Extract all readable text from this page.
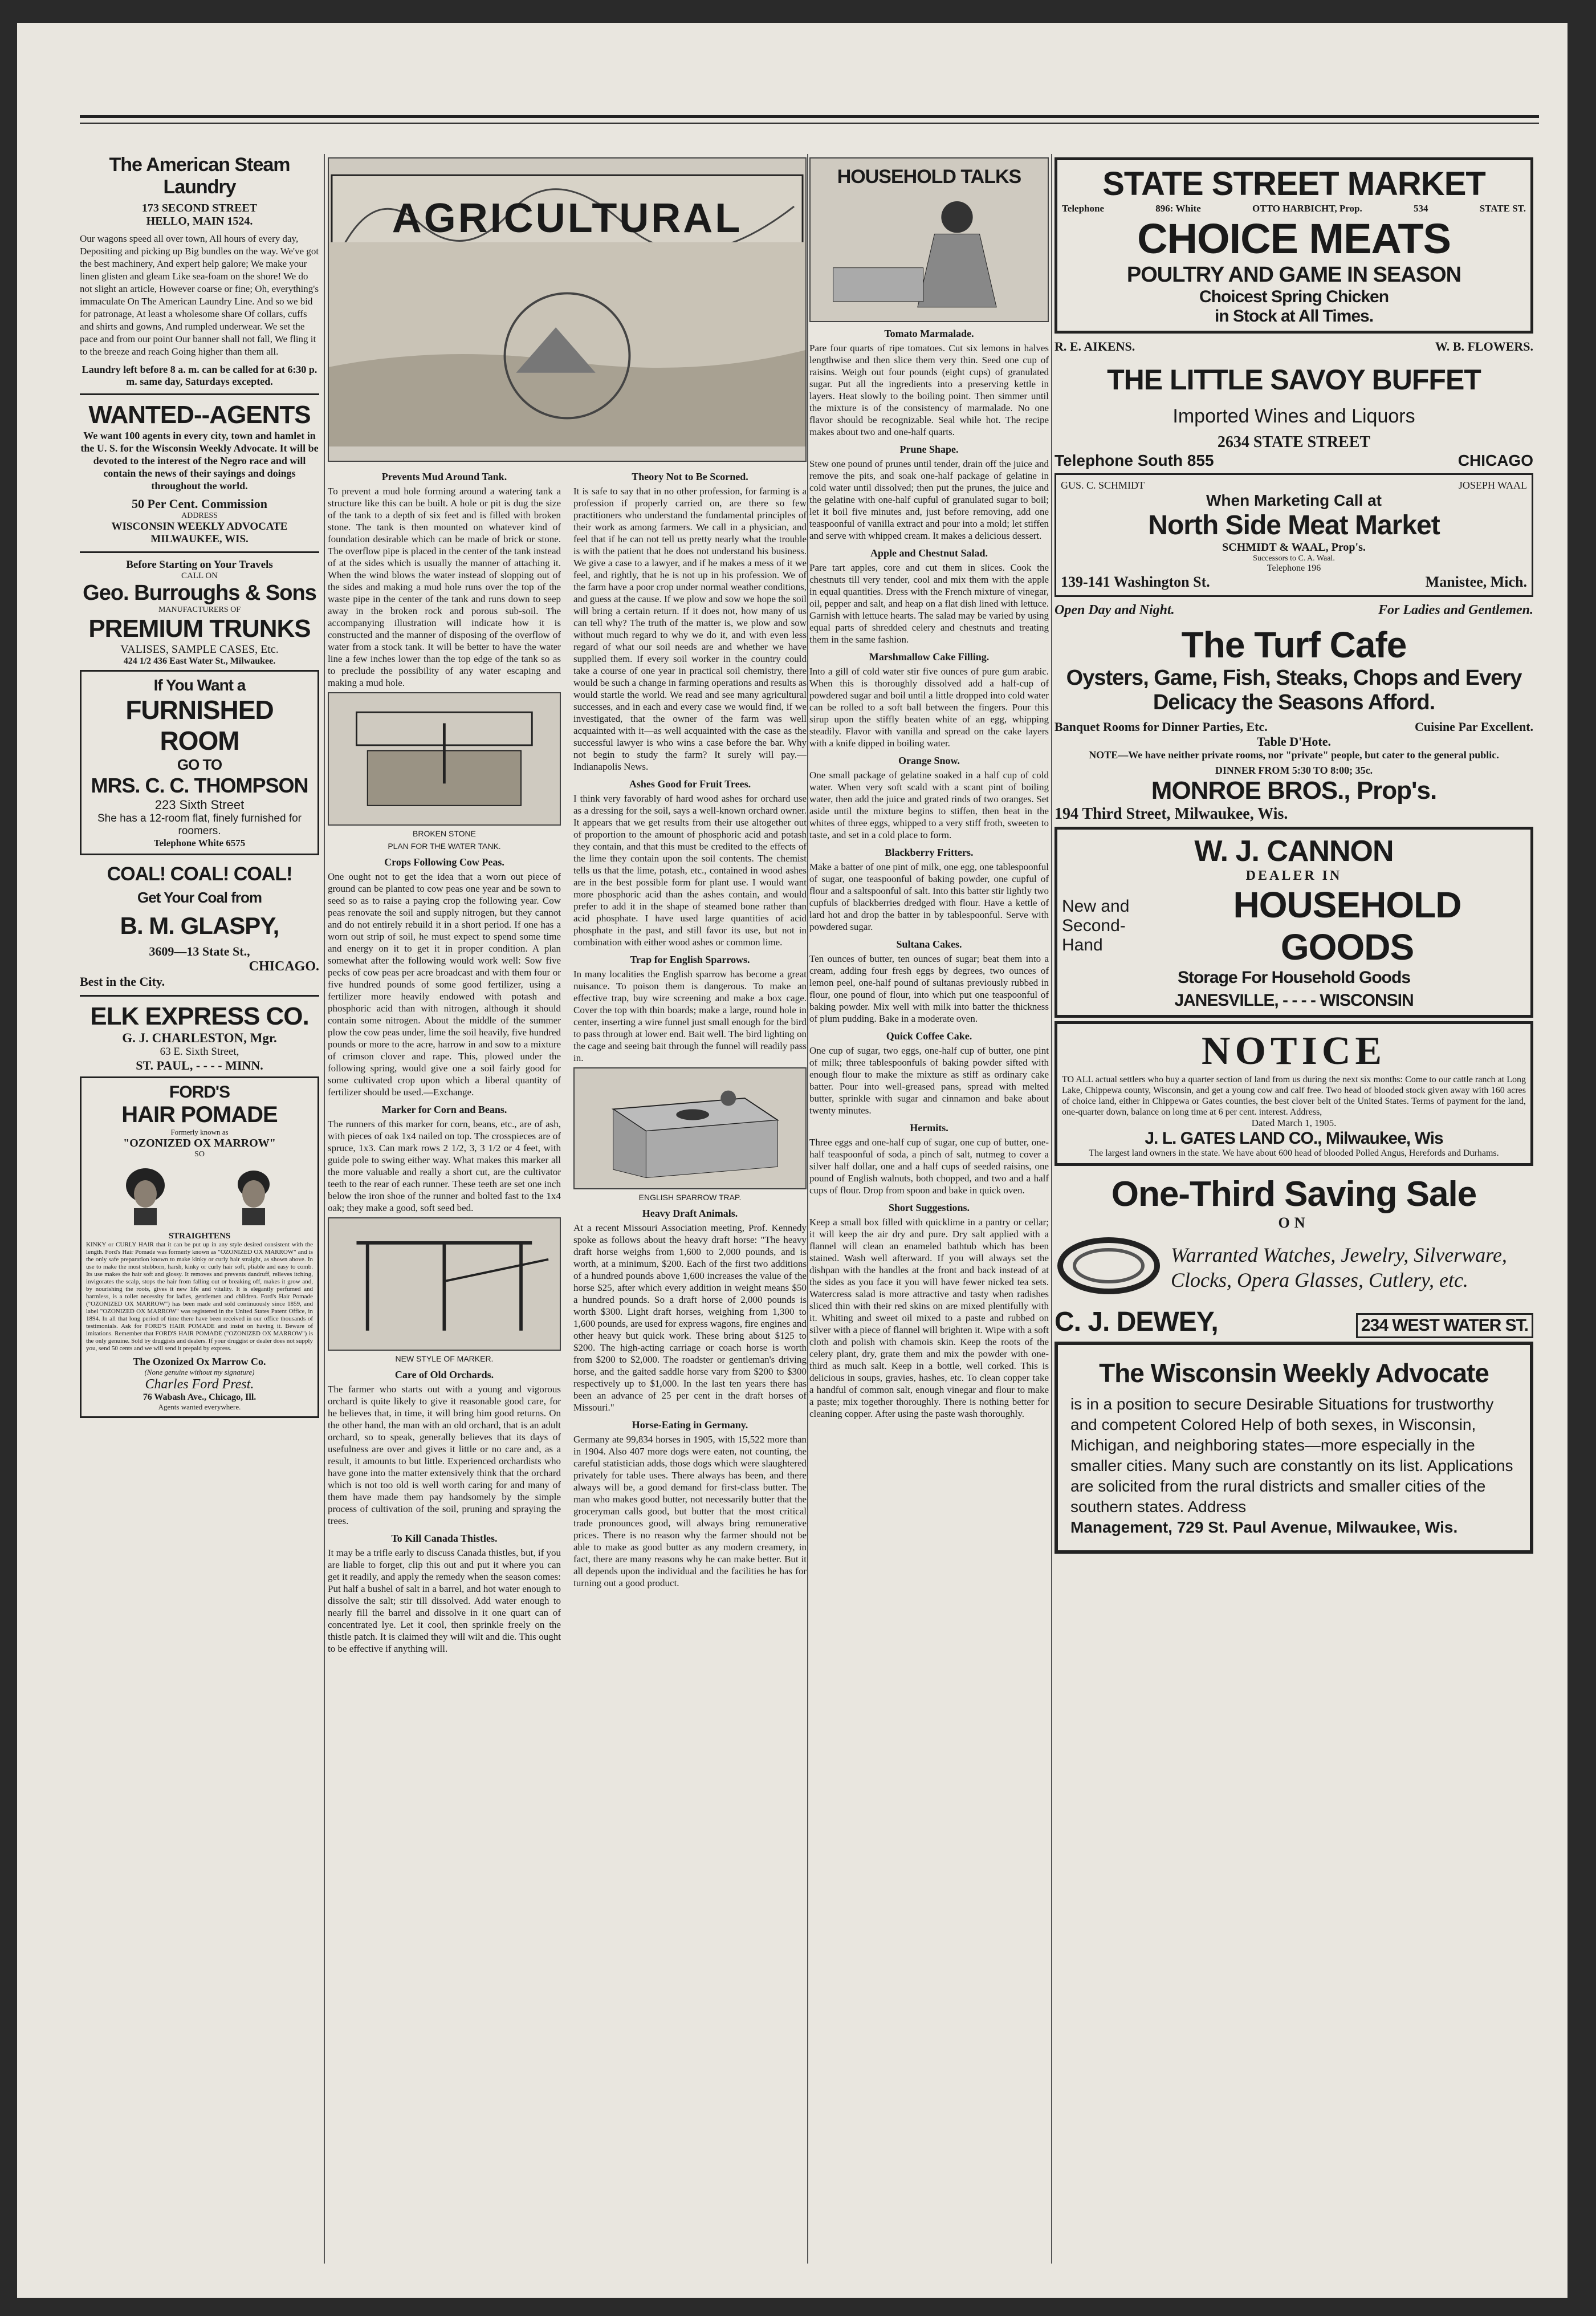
The American Steam Laundry
173 SECOND STREET
HELLO, MAIN 1524.
Our wagons speed all over town, All hours of every day, Depositing and picking up Big bundles on the way. We've got the best machinery, And expert help galore; We make your linen glisten and gleam Like sea-foam on the shore! We do not slight an article, However coarse or fine; Oh, everything's immaculate On The American Laundry Line. And so we bid for patronage, At least a wholesome share Of collars, cuffs and shirts and gowns, And rumpled underwear. We set the pace and from our point Our banner shall not fall, We fling it to the breeze and reach Going higher than them all.
Laundry left before 8 a. m. can be called for at 6:30 p. m. same day, Saturdays excepted.
WANTED--AGENTS
We want 100 agents in every city, town and hamlet in the U. S. for the Wisconsin Weekly Advocate. It will be devoted to the interest of the Negro race and will contain the news of their sayings and doings throughout the world.
50 Per Cent. Commission
ADDRESS
WISCONSIN WEEKLY ADVOCATE MILWAUKEE, WIS.
Before Starting on Your Travels
CALL ON
Geo. Burroughs & Sons
MANUFACTURERS OF
PREMIUM TRUNKS
VALISES, SAMPLE CASES, Etc.
424 1/2 436 East Water St., Milwaukee.
If You Want a
FURNISHED ROOM
GO TO
MRS. C. C. THOMPSON
223 Sixth Street
She has a 12-room flat, finely furnished for roomers.
Telephone White 6575
COAL! COAL! COAL!
Get Your Coal from
B. M. GLASPY,
3609—13 State St.,
CHICAGO.
Best in the City.
ELK EXPRESS CO.
G. J. CHARLESTON, Mgr.
63 E. Sixth Street,
ST. PAUL, - - - - MINN.
FORD'S
HAIR POMADE
Formerly known as
"OZONIZED OX MARROW"
SO
STRAIGHTENS
KINKY or CURLY HAIR that it can be put up in any style desired consistent with the length. Ford's Hair Pomade was formerly known as "OZONIZED OX MARROW" and is the only safe preparation known to make kinky or curly hair straight, as shown above. In use to make the most stubborn, harsh, kinky or curly hair soft, pliable and easy to comb. Its use makes the hair soft and glossy. It removes and prevents dandruff, relieves itching, invigorates the scalp, stops the hair from falling out or breaking off, makes it grow and, by nourishing the roots, gives it new life and vitality. It is elegantly perfumed and harmless, is a toilet necessity for ladies, gentlemen and children. Ford's Hair Pomade ("OZONIZED OX MARROW") has been made and sold continuously since 1859, and label "OZONIZED OX MARROW" was registered in the United States Patent Office, in 1894. In all that long period of time there have been received in our office thousands of testimonials. Ask for FORD'S HAIR POMADE and insist on having it. Beware of imitations. Remember that FORD'S HAIR POMADE ("OZONIZED OX MARROW") is the only genuine. Sold by druggists and dealers. If your druggist or dealer does not supply you, send 50 cents and we will send it prepaid by express.
The Ozonized Ox Marrow Co.
(None genuine without my signature)
Charles Ford Prest.
76 Wabash Ave., Chicago, Ill.
Agents wanted everywhere.
AGRICULTURAL
Prevents Mud Around Tank.
To prevent a mud hole forming around a watering tank a structure like this can be built. A hole or pit is dug the size of the tank to a depth of six feet and is filled with broken stone. The tank is then mounted on whatever kind of foundation desirable which can be made of brick or stone. The overflow pipe is placed in the center of the tank instead of at the sides which is usually the manner of attaching it. When the wind blows the water instead of slopping out of the sides and making a mud hole runs over the top of the waste pipe in the center of the tank and runs down to seep away in the broken rock and porous sub-soil. The accompanying illustration will indicate how it is constructed and the manner of disposing of the overflow of water from a stock tank. It will be better to have the water line a few inches lower than the top edge of the tank so as to preclude the possibility of any water escaping and making a mud hole.
BROKEN STONE
PLAN FOR THE WATER TANK.
Crops Following Cow Peas.
One ought not to get the idea that a worn out piece of ground can be planted to cow peas one year and be sown to seed so as to raise a paying crop the following year. Cow peas renovate the soil and supply nitrogen, but they cannot and do not entirely rebuild it in a short period. If one has a worn out strip of soil, he must expect to spend some time and energy on it to get it in proper condition. A plan somewhat after the following would work well: Sow five pecks of cow peas per acre broadcast and with them four or five hundred pounds of some good fertilizer, using a fertilizer more heavily endowed with potash and phosphoric acid than with nitrogen, although it should contain some nitrogen. About the middle of the summer plow the cow peas under, lime the soil heavily, five hundred pounds or more to the acre, harrow in and sow to a mixture of crimson clover and rape. This, plowed under the following spring, would give one a soil fairly good for some cultivated crop upon which a liberal quantity of fertilizer should be used.—Exchange.
Marker for Corn and Beans.
The runners of this marker for corn, beans, etc., are of ash, with pieces of oak 1x4 nailed on top. The crosspieces are of spruce, 1x3. Can mark rows 2 1/2, 3, 3 1/2 or 4 feet, with guide pole to swing either way. What makes this marker all the more valuable and really a short cut, are the cultivator teeth to the rear of each runner. These teeth are set one inch below the iron shoe of the runner and bolted fast to the 1x4 oak; they make a good, soft seed bed.
NEW STYLE OF MARKER.
Care of Old Orchards.
The farmer who starts out with a young and vigorous orchard is quite likely to give it reasonable good care, for he believes that, in time, it will bring him good returns. On the other hand, the man with an old orchard, that is an adult orchard, so to speak, generally believes that its days of usefulness are over and gives it little or no care and, as a result, it amounts to but little. Experienced orchardists who have gone into the matter extensively think that the orchard which is not too old is well worth caring for and many of them have made them pay handsomely by the simple process of cultivation of the soil, pruning and spraying the trees.
To Kill Canada Thistles.
It may be a trifle early to discuss Canada thistles, but, if you are liable to forget, clip this out and put it where you can get it readily, and apply the remedy when the season comes: Put half a bushel of salt in a barrel, and hot water enough to dissolve the salt; stir till dissolved. Add water enough to nearly fill the barrel and dissolve in it one quart can of concentrated lye. Let it cool, then sprinkle freely on the thistle patch. It is claimed they will wilt and die. This ought to be effective if anything will.
Theory Not to Be Scorned.
It is safe to say that in no other profession, for farming is a profession if properly carried on, are there so few practitioners who understand the fundamental principles of their work as among farmers. We call in a physician, and feel that if he can not tell us pretty nearly what the trouble is with the patient that he does not understand his business. We give a case to a lawyer, and if he makes a mess of it we feel, and rightly, that he is not up in his profession. We of the farm have a poor crop under normal weather conditions, and guess at the cause. If we plow and sow we hope the soil will bring a certain return. If it does not, how many of us can tell why? The truth of the matter is, we plow and sow without much regard to why we do it, and with even less regard of what our soil needs are and whether we have supplied them. If every soil worker in the country could take a course of one year in practical soil chemistry, there would be such a change in farming operations and results as would startle the world. We read and see many agricultural successes, and in each and every case we would find, if we investigated, that the owner of the farm was well acquainted with it—as well acquainted with the case as the successful lawyer is who wins a case before the bar. Why not begin to study the farm? It surely will pay.—Indianapolis News.
Ashes Good for Fruit Trees.
I think very favorably of hard wood ashes for orchard use as a dressing for the soil, says a well-known orchard owner. It appears that we get results from their use altogether out of proportion to the amount of phosphoric acid and potash they contain, and that this must be credited to the effects of the lime they contain upon the soil contents. The chemist tells us that the lime, potash, etc., contained in wood ashes are in the best possible form for plant use. I would want more phosphoric acid than the ashes contain, and would prefer to add it in the shape of steamed bone rather than acid phosphate. I have used large quantities of acid phosphate in the past, and still favor its use, but not in combination with either wood ashes or common lime.
Trap for English Sparrows.
In many localities the English sparrow has become a great nuisance. To poison them is dangerous. To make an effective trap, buy wire screening and make a box cage. Cover the top with thin boards; make a large, round hole in center, inserting a wire funnel just small enough for the bird to pass through at lower end. Bait well. The bird lighting on the cage and seeing bait through the funnel will readily pass in.
ENGLISH SPARROW TRAP.
Heavy Draft Animals.
At a recent Missouri Association meeting, Prof. Kennedy spoke as follows about the heavy draft horse: "The heavy draft horse weighs from 1,600 to 2,000 pounds, and is worth, at a minimum, $200. Each of the first two additions of a hundred pounds above 1,600 increases the value of the horse $25, after which every addition in weight means $50 a hundred pounds. So a draft horse of 2,000 pounds is worth $300. Light draft horses, weighing from 1,300 to 1,600 pounds, are used for express wagons, fire engines and other heavy but quick work. These bring about $125 to $200. The high-acting carriage or coach horse is worth from $200 to $2,000. The roadster or gentleman's driving horse, and the gaited saddle horse vary from $200 to $300 respectively up to $1,000. In the last ten years there has been an advance of 25 per cent in the draft horses of Missouri."
Horse-Eating in Germany.
Germany ate 99,834 horses in 1905, with 15,522 more than in 1904. Also 407 more dogs were eaten, not counting, the careful statistician adds, those dogs which were slaughtered privately for table uses. There always has been, and there always will be, a good demand for first-class butter. The man who makes good butter, not necessarily butter that the groceryman calls good, but butter that the most critical trade pronounces good, will always bring remunerative prices. There is no reason why the farmer should not be able to make as good butter as any modern creamery, in fact, there are many reasons why he can make better. But it all depends upon the individual and the facilities he has for turning out a good product.
HOUSEHOLD TALKS
Tomato Marmalade.
Pare four quarts of ripe tomatoes. Cut six lemons in halves lengthwise and then slice them very thin. Seed one cup of raisins. Weigh out four pounds (eight cups) of granulated sugar. Put all the ingredients into a preserving kettle in layers. Heat slowly to the boiling point. Then simmer until the mixture is of the consistency of marmalade. No one flavor should be recognizable. Seal while hot. The recipe makes about two and one-half quarts.
Prune Shape.
Stew one pound of prunes until tender, drain off the juice and remove the pits, and soak one-half package of gelatine in cold water until dissolved; then put the prunes, the juice and the gelatine with one-half cupful of granulated sugar to boil; let it boil five minutes and, just before removing, add one teaspoonful of vanilla extract and pour into a mold; let stiffen and serve with whipped cream. It makes a delicious dessert.
Apple and Chestnut Salad.
Pare tart apples, core and cut them in slices. Cook the chestnuts till very tender, cool and mix them with the apple in equal quantities. Dress with the French mixture of vinegar, oil, pepper and salt, and heap on a flat dish lined with lettuce. Garnish with lettuce hearts. The salad may be varied by using equal parts of shredded celery and chestnuts and treating them in the same fashion.
Marshmallow Cake Filling.
Into a gill of cold water stir five ounces of pure gum arabic. When this is thoroughly dissolved add a half-cup of powdered sugar and boil until a little dropped into cold water can be rolled to a soft ball between the fingers. Pour this sirup upon the stiffly beaten white of an egg, whipping steadily. Flavor with vanilla and spread on the cake layers with a knife dipped in boiling water.
Orange Snow.
One small package of gelatine soaked in a half cup of cold water. When very soft scald with a scant pint of boiling water, then add the juice and grated rinds of two oranges. Set aside until the mixture begins to stiffen, then beat in the whites of three eggs, whipped to a very stiff froth, sweeten to taste, and set in a cold place to form.
Blackberry Fritters.
Make a batter of one pint of milk, one egg, one tablespoonful of sugar, one teaspoonful of baking powder, one cupful of flour and a saltspoonful of salt. Into this batter stir lightly two cupfuls of blackberries dredged with flour. Have a kettle of lard hot and drop the batter in by tablespoonful. Serve with powdered sugar.
Sultana Cakes.
Ten ounces of butter, ten ounces of sugar; beat them into a cream, adding four fresh eggs by degrees, two ounces of lemon peel, one-half pound of sultanas previously rubbed in flour, one pound of flour, into which put one teaspoonful of baking powder. Mix well with milk into batter the thickness of plum pudding. Bake in a moderate oven.
Quick Coffee Cake.
One cup of sugar, two eggs, one-half cup of butter, one pint of milk; three tablespoonfuls of baking powder sifted with enough flour to make the mixture as stiff as ordinary cake batter. Pour into well-greased pans, spread with melted butter, sprinkle with sugar and cinnamon and bake about twenty minutes.
Hermits.
Three eggs and one-half cup of sugar, one cup of butter, one-half teaspoonful of soda, a pinch of salt, nutmeg to cover a silver half dollar, one and a half cups of seeded raisins, one pound of English walnuts, both chopped, and two and a half cups of flour. Drop from spoon and bake in quick oven.
Short Suggestions.
Keep a small box filled with quicklime in a pantry or cellar; it will keep the air dry and pure. Dry salt applied with a flannel will clean an enameled bathtub which has been stained. Wash well afterward. If you will always set the dishpan with the handles at the front and back instead of at the sides as you face it you will have fewer nicked tea sets. Watercress salad is more attractive and tasty when radishes sliced thin with their red skins on are mixed plentifully with it. Whiting and sweet oil mixed to a paste and rubbed on silver with a piece of flannel will brighten it. Wipe with a soft cloth and polish with chamois skin. Keep the roots of the celery plant, dry, grate them and mix the powder with one-third as much salt. Keep in a bottle, well corked. This is delicious in soups, gravies, hashes, etc. To clean copper take a handful of common salt, enough vinegar and flour to make a paste; mix together thoroughly. There is nothing better for cleaning copper. After using the paste wash thoroughly.
STATE STREET MARKET
Telephone	896: White	OTTO HARBICHT, Prop.	534	STATE ST.
CHOICE MEATS
POULTRY AND GAME IN SEASON
Choicest Spring Chicken
in Stock at All Times.
R. E. AIKENS.	W. B. FLOWERS.
THE LITTLE SAVOY BUFFET
Imported Wines and Liquors
2634 STATE STREET
Telephone South 855	CHICAGO
GUS. C. SCHMIDT	JOSEPH WAAL
When Marketing Call at
North Side Meat Market
SCHMIDT & WAAL, Prop's.
Successors to C. A. Waal.
Telephone 196
139-141 Washington St.	Manistee, Mich.
Open Day and Night.	For Ladies and Gentlemen.
The Turf Cafe
Oysters, Game, Fish, Steaks, Chops and Every
Delicacy the Seasons Afford.
Banquet Rooms for Dinner Parties, Etc.	Cuisine Par Excellent.
Table D'Hote.
NOTE—We have neither private rooms, nor "private" people, but cater to the general public.
DINNER FROM 5:30 TO 8:00; 35c.
MONROE BROS., Prop's.
194 Third Street, Milwaukee, Wis.
W. J. CANNON
DEALER IN
New and
Second-Hand
HOUSEHOLD GOODS
Storage For Household Goods
JANESVILLE, - - - - WISCONSIN
NOTICE
TO ALL actual settlers who buy a quarter section of land from us during the next six months: Come to our cattle ranch at Long Lake, Chippewa county, Wisconsin, and get a young cow and calf free. Two head of blooded stock given away with 160 acres of choice land, either in Chippewa or Gates counties, the best clover belt of the United States. Terms of payment for the land, one-quarter down, balance on long time at 6 per cent. interest. Address,
Dated March 1, 1905.
J. L. GATES LAND CO., Milwaukee, Wis
The largest land owners in the state. We have about 600 head of blooded Polled Angus, Herefords and Durhams.
One-Third Saving Sale
ON
Warranted Watches, Jewelry, Silverware, Clocks, Opera Glasses, Cutlery, etc.
C. J. DEWEY,	234 WEST WATER ST.
The Wisconsin Weekly Advocate
is in a position to secure Desirable Situations for trustworthy and competent Colored Help of both sexes, in Wisconsin, Michigan, and neighboring states—more especially in the smaller cities. Many such are constantly on its list. Applications are solicited from the rural districts and smaller cities of the southern states. Address
Management, 729 St. Paul Avenue, Milwaukee, Wis.
